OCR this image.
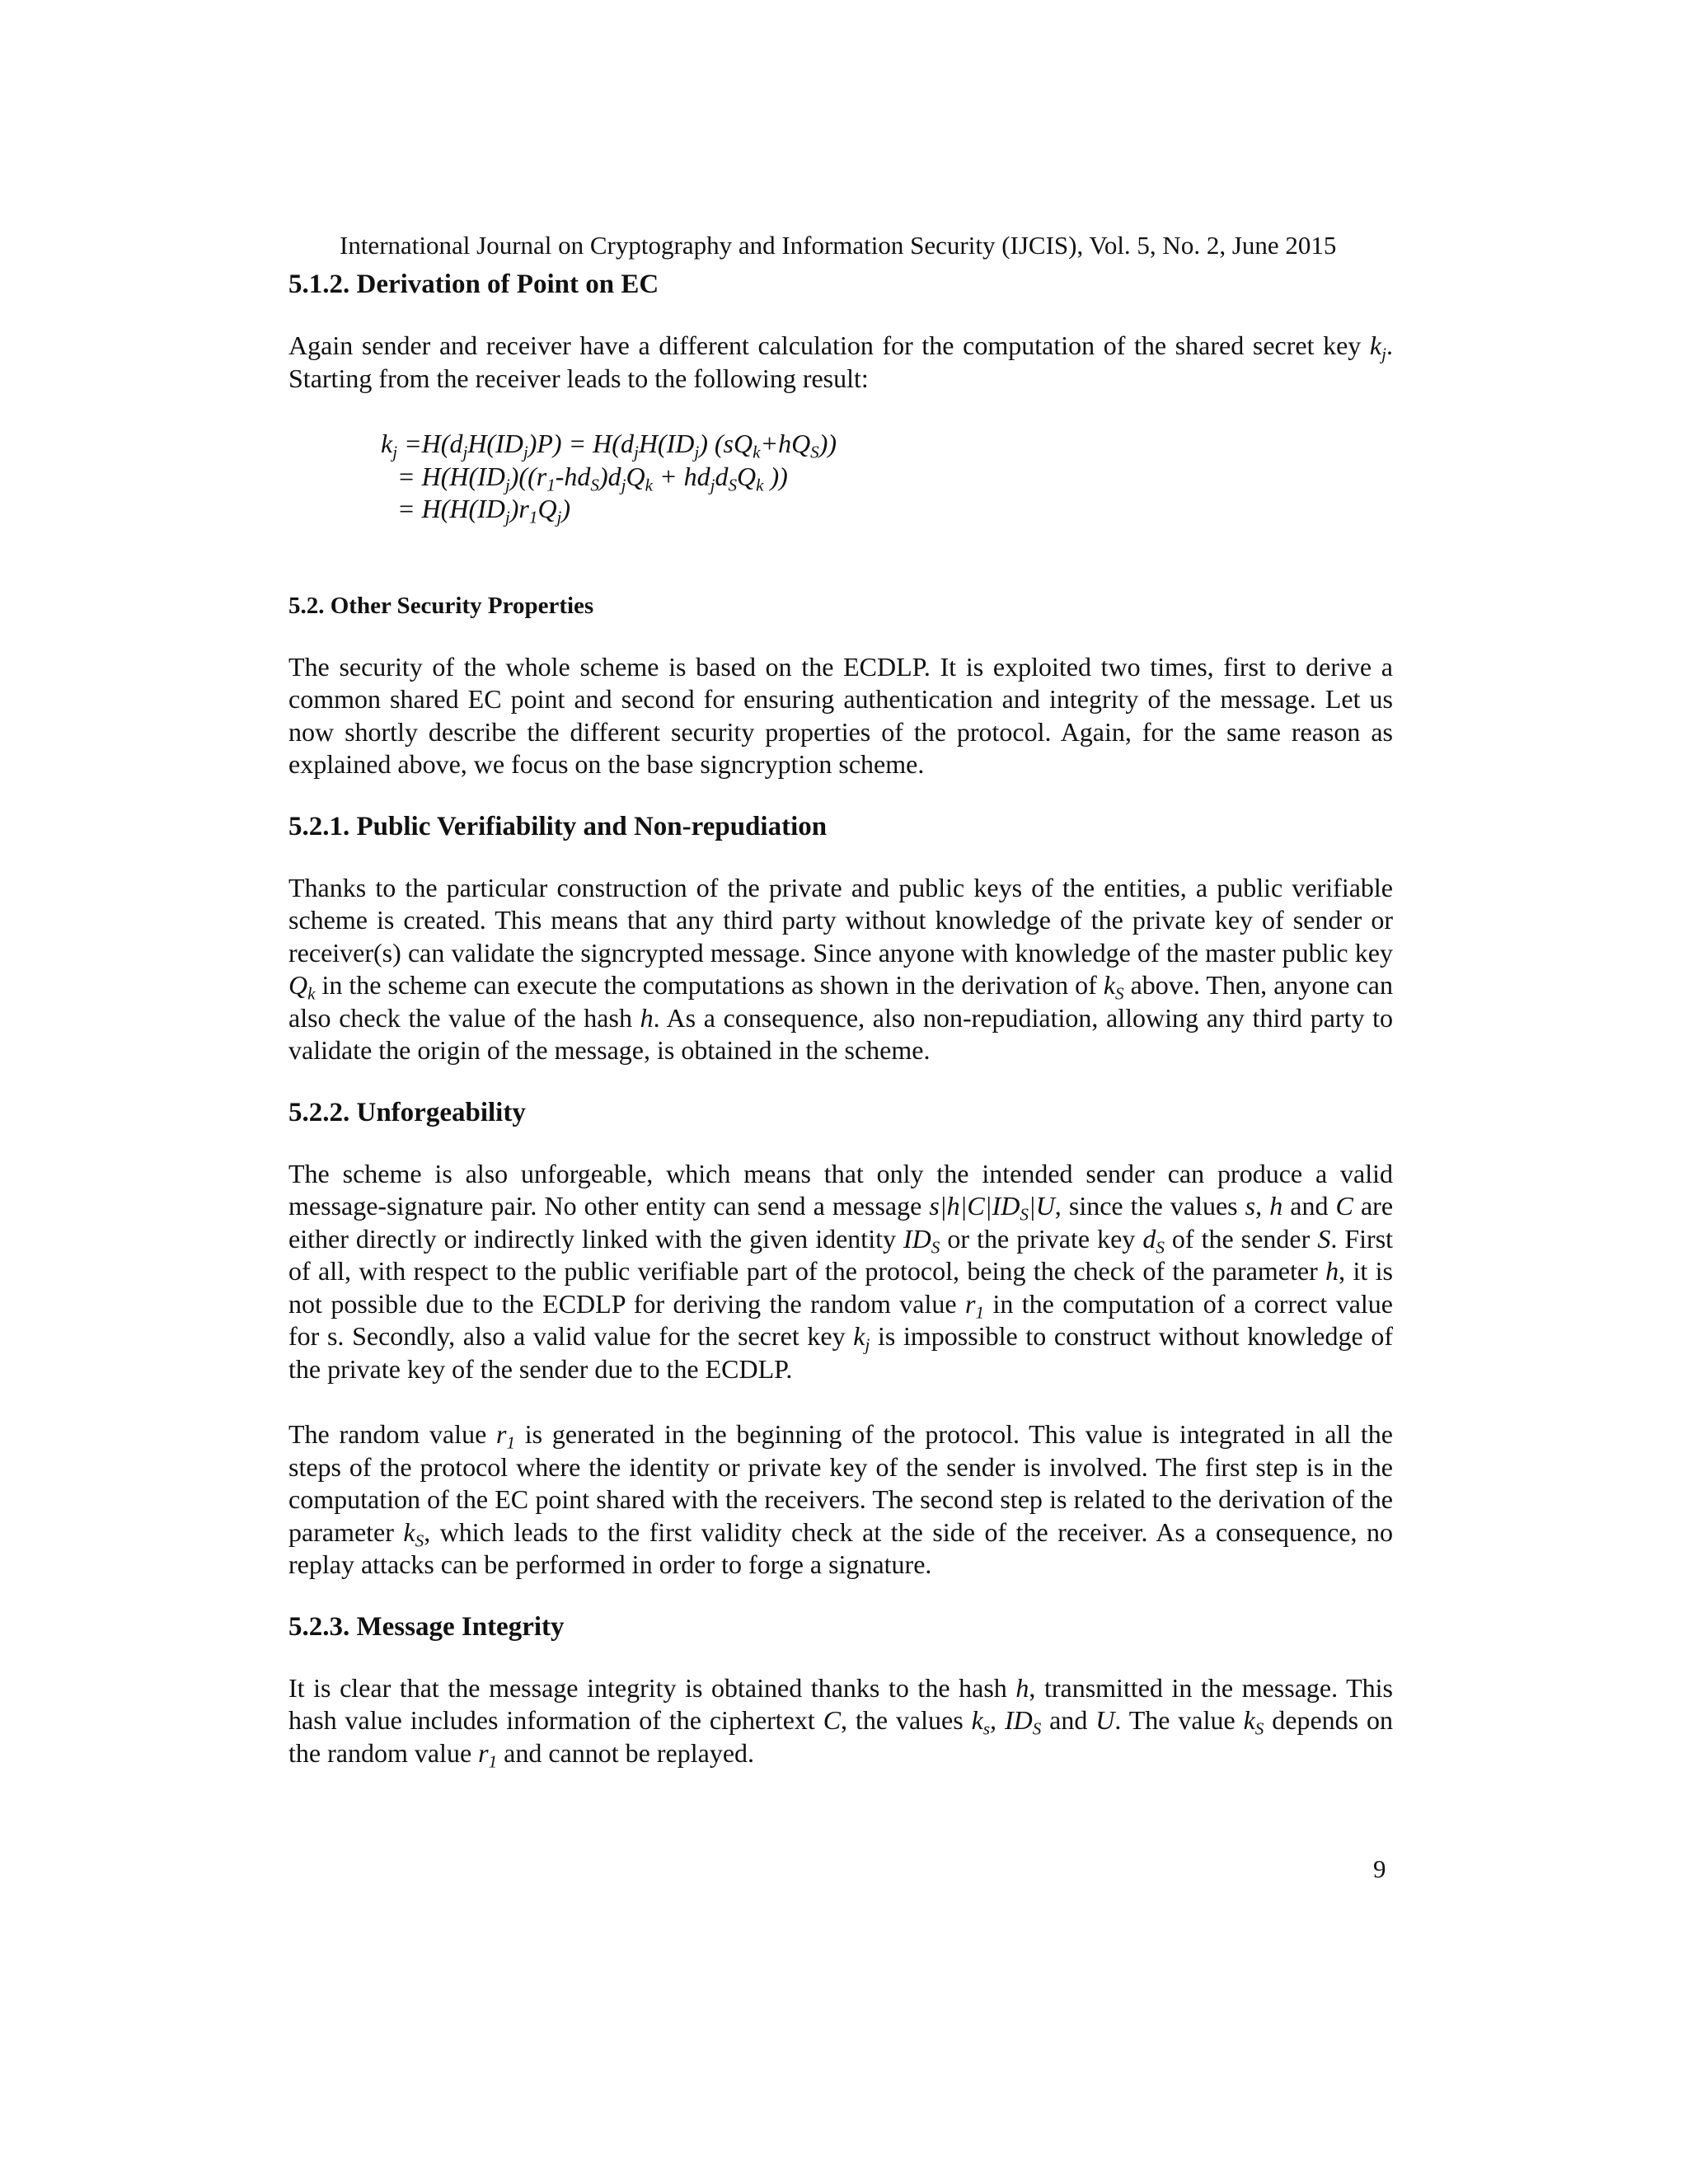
International Journal on Cryptography and Information Security (IJCIS), Vol. 5, No. 2, June 2015
5.1.2. Derivation of Point on EC

Again sender and receiver have a different calculation for the computation of the shared secret key $k_j$. Starting from the receiver leads to the following result:

$k_j =H(d_jH(ID_j)P) = H(d_jH(ID_j)$ $(sQ_k+hQ_S)$)
= $H(H(ID_j)((r_1-hd_S)d_jQ_k + hd_jd_SQ_k$ ))
= $H(H(ID_j)r_1Q_j)$
5.2. Other Security Properties

The security of the whole scheme is based on the ECDLP. It is exploited two times, first to derive a common shared EC point and second for ensuring authentication and integrity of the message. Let us now shortly describe the different security properties of the protocol. Again, for the same reason as explained above, we focus on the base signcryption scheme.

5.2.1. Public Verifiability and Non-repudiation

Thanks to the particular construction of the private and public keys of the entities, a public verifiable scheme is created. This means that any third party without knowledge of the private key of sender or receiver(s) can validate the signcrypted message. Since anyone with knowledge of the master public key $Q_k$ in the scheme can execute the computations as shown in the derivation of $k_S$ above. Then, anyone can also check the value of the hash h. As a consequence, also non-repudiation, allowing any third party to validate the origin of the message, is obtained in the scheme.

5.2.2. Unforgeability

The scheme is also unforgeable, which means that only the intended sender can produce a valid message-signature pair. No other entity can send a message $s|h|C|ID_S|U$, since the values s, h and C are either directly or indirectly linked with the given identity $ID_S$ or the private key $d_S$ of the sender S. First of all, with respect to the public verifiable part of the protocol, being the check of the parameter h, it is not possible due to the ECDLP for deriving the random value $r_1$ in the computation of a correct value for s. Secondly, also a valid value for the secret key $k_j$ is impossible to construct without knowledge of the private key of the sender due to the ECDLP.

The random value $r_1$ is generated in the beginning of the protocol. This value is integrated in all the steps of the protocol where the identity or private key of the sender is involved. The first step is in the computation of the EC point shared with the receivers. The second step is related to the derivation of the parameter $k_S$, which leads to the first validity check at the side of the receiver. As a consequence, no replay attacks can be performed in order to forge a signature.

5.2.3. Message Integrity

It is clear that the message integrity is obtained thanks to the hash h, transmitted in the message. This hash value includes information of the ciphertext C, the values $k_s$, $ID_S$ and U. The value $k_S$ depends on the random value $r_1$ and cannot be replayed.

9
